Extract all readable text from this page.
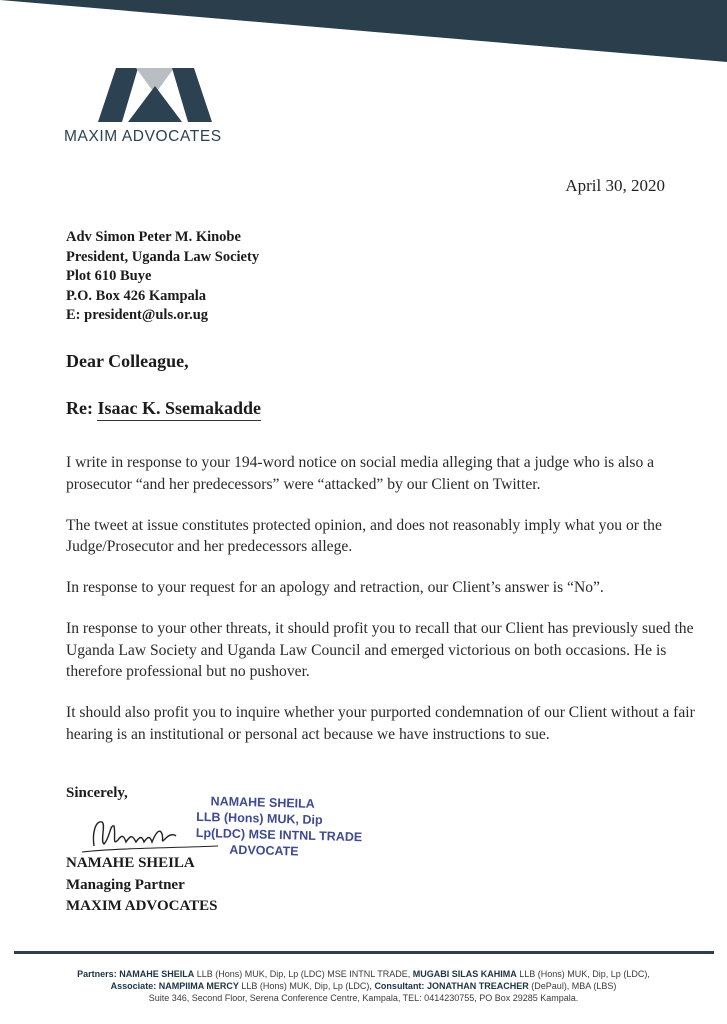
MAXIM ADVOCATES
April 30, 2020
Adv Simon Peter M. Kinobe
President, Uganda Law Society
Plot 610 Buye
P.O. Box 426 Kampala
E: president@uls.or.ug
Dear Colleague,
Re: Isaac K. Ssemakadde

I write in response to your 194-word notice on social media alleging that a judge who is also a prosecutor “and her predecessors” were “attacked” by our Client on Twitter.

The tweet at issue constitutes protected opinion, and does not reasonably imply what you or the Judge/Prosecutor and her predecessors allege.

In response to your request for an apology and retraction, our Client’s answer is “No”.

In response to your other threats, it should profit you to recall that our Client has previously sued the Uganda Law Society and Uganda Law Council and emerged victorious on both occasions. He is therefore professional but no pushover.

It should also profit you to inquire whether your purported condemnation of our Client without a fair hearing is an institutional or personal act because we have instructions to sue.

Sincerely,
NAMAHE SHEILA
LLB (Hons) MUK, Dip
Lp(LDC) MSE INTNL TRADE
ADVOCATE
NAMAHE SHEILA
Managing Partner
MAXIM ADVOCATES
Partners: NAMAHE SHEILA LLB (Hons) MUK, Dip, Lp (LDC) MSE INTNL TRADE, MUGABI SILAS KAHIMA LLB (Hons) MUK, Dip, Lp (LDC),
Associate: NAMPIIMA MERCY LLB (Hons) MUK, Dip, Lp (LDC), Consultant: JONATHAN TREACHER (DePaul), MBA (LBS)
Suite 346, Second Floor, Serena Conference Centre, Kampala, TEL: 0414230755, PO Box 29285 Kampala.
